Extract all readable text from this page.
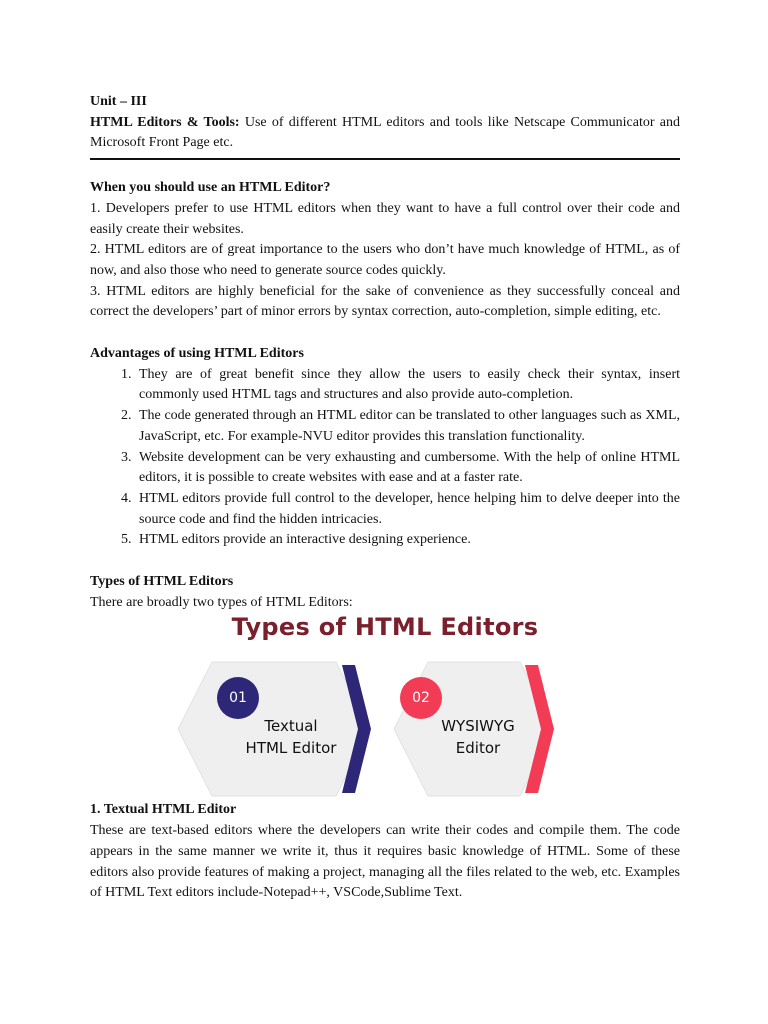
Unit – III
HTML Editors & Tools: Use of different HTML editors and tools like Netscape Communicator and Microsoft Front Page etc.
When you should use an HTML Editor?
1. Developers prefer to use HTML editors when they want to have a full control over their code and easily create their websites.
2. HTML editors are of great importance to the users who don’t have much knowledge of HTML, as of now, and also those who need to generate source codes quickly.
3. HTML editors are highly beneficial for the sake of convenience as they successfully conceal and correct the developers’ part of minor errors by syntax correction, auto-completion, simple editing, etc.
Advantages of using HTML Editors
1. They are of great benefit since they allow the users to easily check their syntax, insert commonly used HTML tags and structures and also provide auto-completion.
2. The code generated through an HTML editor can be translated to other languages such as XML, JavaScript, etc. For example-NVU editor provides this translation functionality.
3. Website development can be very exhausting and cumbersome. With the help of online HTML editors, it is possible to create websites with ease and at a faster rate.
4. HTML editors provide full control to the developer, hence helping him to delve deeper into the source code and find the hidden intricacies.
5. HTML editors provide an interactive designing experience.
Types of HTML Editors
There are broadly two types of HTML Editors:
Types of HTML Editors
01	02
Textual
HTML Editor
WYSIWYG
Editor
1. Textual HTML Editor
These are text-based editors where the developers can write their codes and compile them. The code appears in the same manner we write it, thus it requires basic knowledge of HTML. Some of these editors also provide features of making a project, managing all the files related to the web, etc. Examples of HTML Text editors include-Notepad++, VSCode,Sublime Text.
